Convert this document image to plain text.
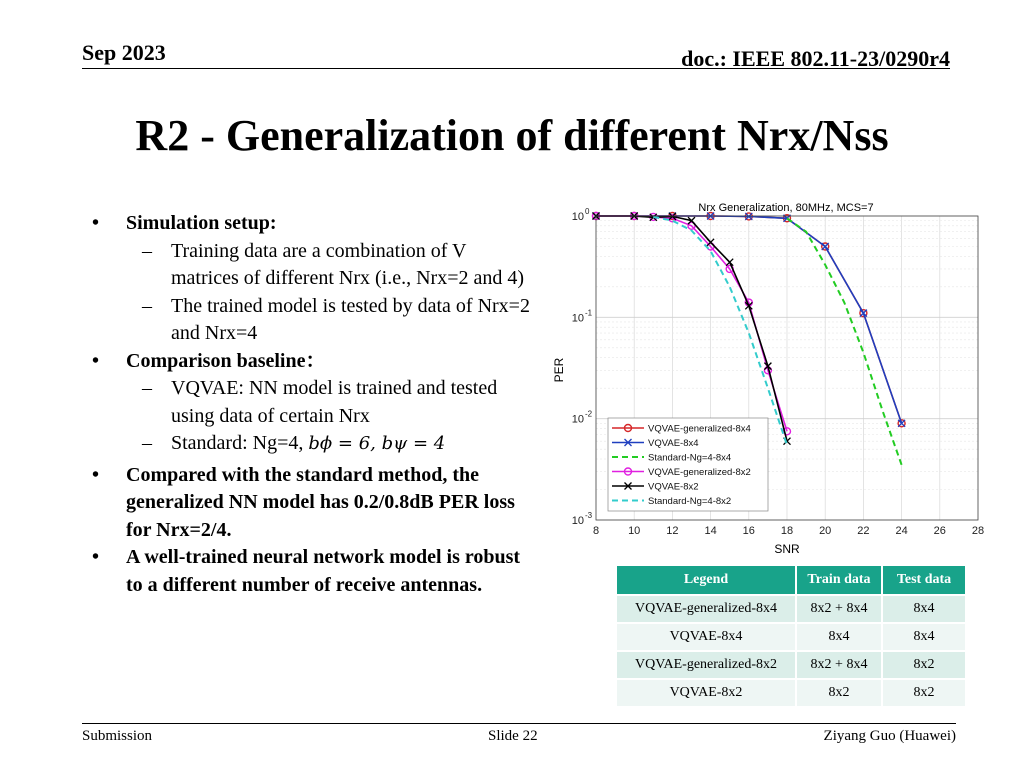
Sep 2023	doc.: IEEE 802.11-23/0290r4
R2 - Generalization of different Nrx/Nss
• Simulation setup:
– Training data are a combination of V matrices of different Nrx (i.e., Nrx=2 and 4)
– The trained model is tested by data of Nrx=2 and Nrx=4
• Comparison baseline：
– VQVAE: NN model is trained and tested using data of certain Nrx
– Standard: Ng=4, bϕ = 6, bψ = 4
• Compared with the standard method, the generalized NN model has 0.2/0.8dB PER loss for Nrx=2/4.
• A well-trained neural network model is robust to a different number of receive antennas.
Nrx Generalization, 80MHz, MCS=7
SNR
PER
8	10 12 14 16 18 20 22 24 26 28
10 0
10 -1
10 -2
10 -3
VQVAE-generalized-8x4
VQVAE-8x4
Standard-Ng=4-8x4
VQVAE-generalized-8x2
VQVAE-8x2
Standard-Ng=4-8x2
Legend	Train data	Test data
VQVAE-generalized-8x4	8x2 + 8x4	8x4
VQVAE-8x4	8x4	8x4
VQVAE-generalized-8x2	8x2 + 8x4	8x2
VQVAE-8x2	8x2	8x2
Submission	Slide 22	Ziyang Guo (Huawei)
